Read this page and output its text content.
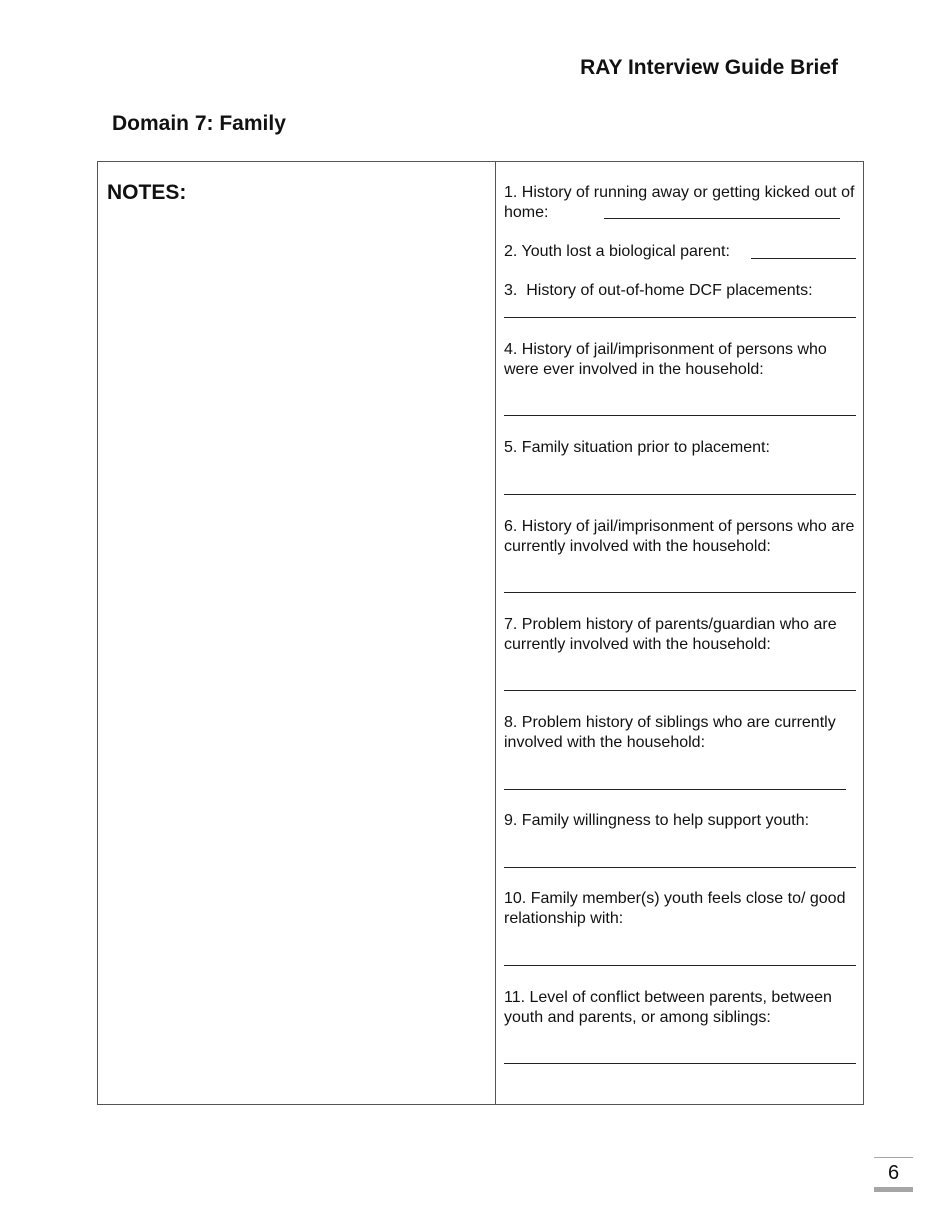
RAY Interview Guide Brief
Domain 7: Family
NOTES:	1. History of running away or getting kicked out of home:
2. Youth lost a biological parent:
3.  History of out-of-home DCF placements:
4. History of jail/imprisonment of persons who were ever involved in the household:
5. Family situation prior to placement:
6. History of jail/imprisonment of persons who are currently involved with the household:
7. Problem history of parents/guardian who are currently involved with the household:
8. Problem history of siblings who are currently involved with the household:
9. Family willingness to help support youth:
10. Family member(s) youth feels close to/ good relationship with:
11. Level of conflict between parents, between youth and parents, or among siblings:
6
